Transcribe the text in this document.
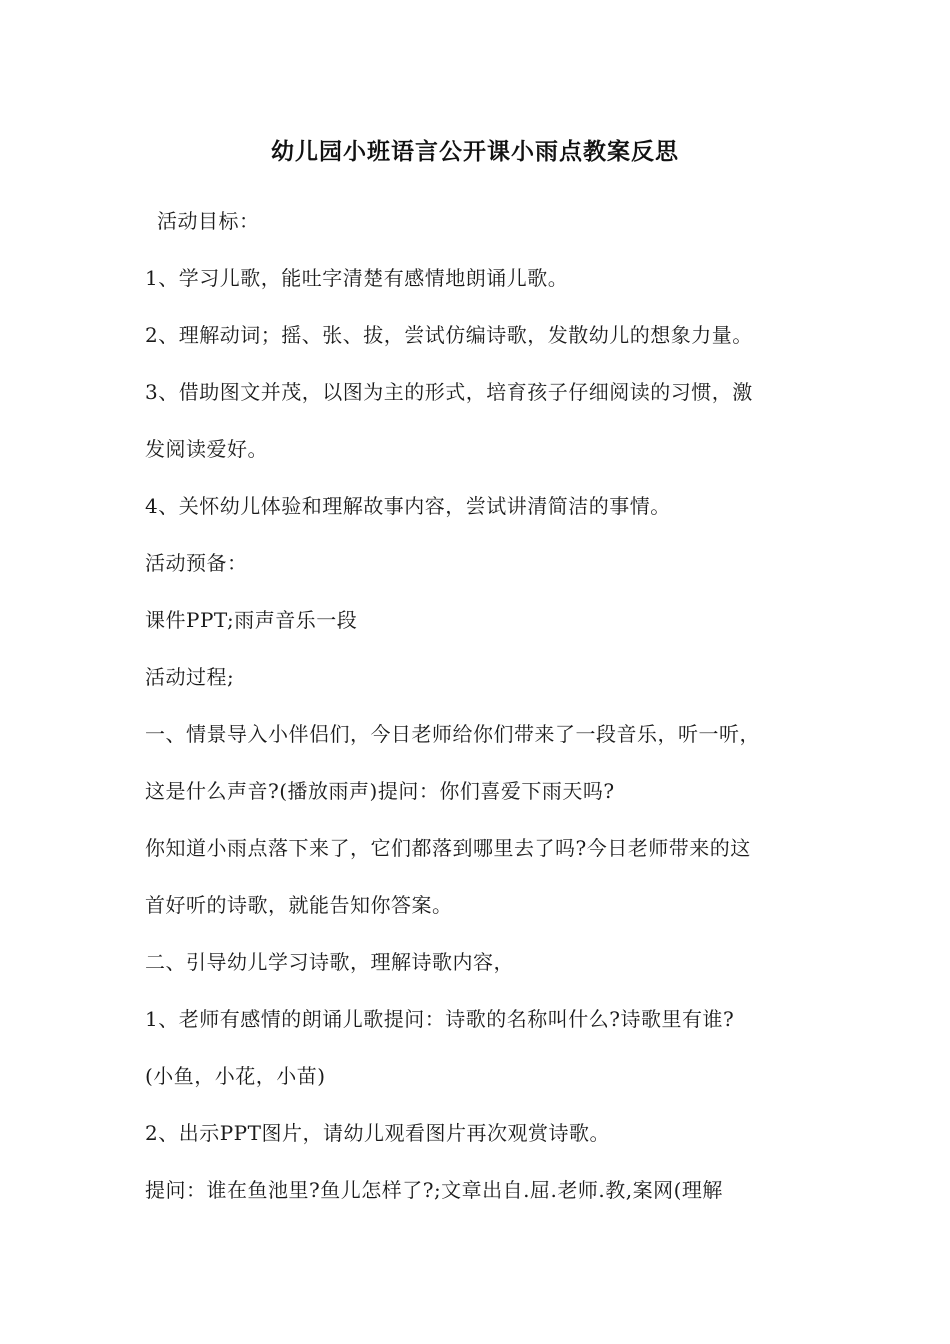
幼儿园小班语言公开课小雨点教案反思
活动目标：
1、学习儿歌，能吐字清楚有感情地朗诵儿歌。
2、理解动词；摇、张、拔，尝试仿编诗歌，发散幼儿的想象力量。
3、借助图文并茂，以图为主的形式，培育孩子仔细阅读的习惯，激
发阅读爱好。
4、关怀幼儿体验和理解故事内容，尝试讲清简洁的事情。
活动预备：
课件PPT;雨声音乐一段
活动过程;
一、情景导入小伴侣们，今日老师给你们带来了一段音乐，听一听，
这是什么声音?(播放雨声)提问：你们喜爱下雨天吗?
你知道小雨点落下来了，它们都落到哪里去了吗?今日老师带来的这
首好听的诗歌，就能告知你答案。
二、引导幼儿学习诗歌，理解诗歌内容，
1、老师有感情的朗诵儿歌提问：诗歌的名称叫什么?诗歌里有谁?
(小鱼，小花，小苗)
2、出示PPT图片，请幼儿观看图片再次观赏诗歌。
提问：谁在鱼池里?鱼儿怎样了?;文章出自.屈.老师.教,案网(理解
